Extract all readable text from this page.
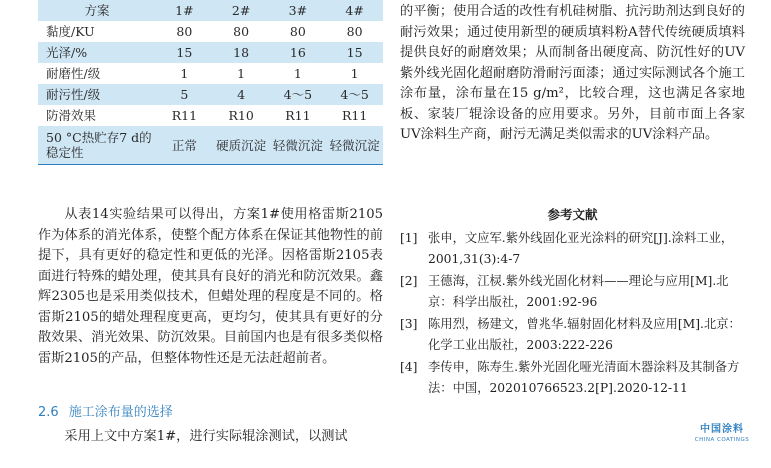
方案	1#	2#	3#	4#
黏度/KU	80	80	80	80
光泽/%	15	18	16	15
耐磨性/级	1	1	1	1
耐污性/级	5	4	4～5	4～5
防滑效果	R11	R10	R11	R11
50 °C热贮存7 d的稳定性	正常	硬质沉淀	轻微沉淀	轻微沉淀

从表14实验结果可以得出，方案1#使用格雷斯2105作为体系的消光体系，使整个配方体系在保证其他物性的前提下，具有更好的稳定性和更低的光泽。因格雷斯2105表面进行特殊的蜡处理，使其具有良好的消光和防沉效果。鑫辉2305也是采用类似技术，但蜡处理的程度是不同的。格雷斯2105的蜡处理程度更高，更均匀，使其具有更好的分散效果、消光效果、防沉效果。目前国内也是有很多类似格雷斯2105的产品，但整体物性还是无法赶超前者。

2.6 施工涂布量的选择

采用上文中方案1#，进行实际辊涂测试，以测试

的平衡；使用合适的改性有机硅树脂、抗污助剂达到良好的耐污效果；通过使用新型的硬质填料粉A替代传统硬质填料提供良好的耐磨效果；从而制备出硬度高、防沉性好的UV紫外线光固化超耐磨防滑耐污面漆；通过实际测试各个施工涂布量，涂布量在15 g/m²，比较合理，这也满足各家地板、家装厂辊涂设备的应用要求。另外，目前市面上各家UV涂料生产商，耐污无满足类似需求的UV涂料产品。

参考文献
[1] 张申，文应军.紫外线固化亚光涂料的研究[J].涂料工业，2001,31(3):4-7
[2] 王德海，江棂.紫外线光固化材料——理论与应用[M].北京：科学出版社，2001:92-96
[3] 陈用烈，杨建文，曾兆华.辐射固化材料及应用[M].北京：化学工业出版社，2003:222-226
[4] 李传申，陈寿生.紫外光固化哑光清面木器涂料及其制备方法：中国，202010766523.2[P].2020-12-11
中国涂料
CHINA COATINGS
